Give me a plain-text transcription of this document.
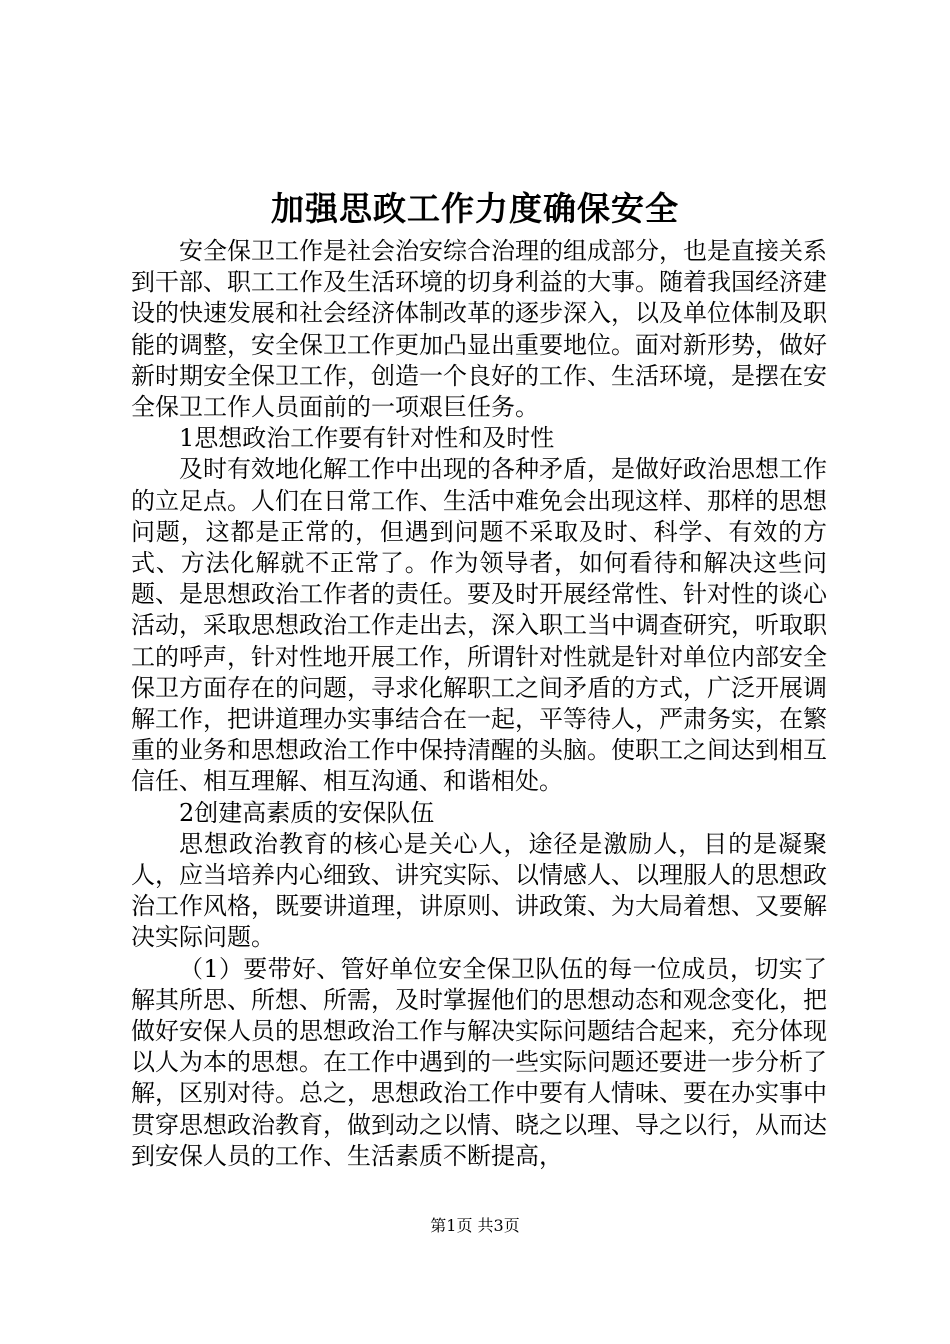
加强思政工作力度确保安全

安全保卫工作是社会治安综合治理的组成部分，也是直接关系到干部、职工工作及生活环境的切身利益的大事。随着我国经济建设的快速发展和社会经济体制改革的逐步深入，以及单位体制及职能的调整，安全保卫工作更加凸显出重要地位。面对新形势，做好新时期安全保卫工作，创造一个良好的工作、生活环境，是摆在安全保卫工作人员面前的一项艰巨任务。

1思想政治工作要有针对性和及时性

及时有效地化解工作中出现的各种矛盾，是做好政治思想工作的立足点。人们在日常工作、生活中难免会出现这样、那样的思想问题，这都是正常的，但遇到问题不采取及时、科学、有效的方式、方法化解就不正常了。作为领导者，如何看待和解决这些问题、是思想政治工作者的责任。要及时开展经常性、针对性的谈心活动，采取思想政治工作走出去，深入职工当中调查研究，听取职工的呼声，针对性地开展工作，所谓针对性就是针对单位内部安全保卫方面存在的问题，寻求化解职工之间矛盾的方式，广泛开展调解工作，把讲道理办实事结合在一起，平等待人，严肃务实，在繁重的业务和思想政治工作中保持清醒的头脑。使职工之间达到相互信任、相互理解、相互沟通、和谐相处。

2创建高素质的安保队伍

思想政治教育的核心是关心人，途径是激励人，目的是凝聚人，应当培养内心细致、讲究实际、以情感人、以理服人的思想政治工作风格，既要讲道理，讲原则、讲政策、为大局着想、又要解决实际问题。

（1）要带好、管好单位安全保卫队伍的每一位成员，切实了解其所思、所想、所需，及时掌握他们的思想动态和观念变化，把做好安保人员的思想政治工作与解决实际问题结合起来，充分体现以人为本的思想。在工作中遇到的一些实际问题还要进一步分析了解，区别对待。总之，思想政治工作中要有人情味、要在办实事中贯穿思想政治教育，做到动之以情、晓之以理、导之以行，从而达到安保人员的工作、生活素质不断提高，

第1页 共3页
